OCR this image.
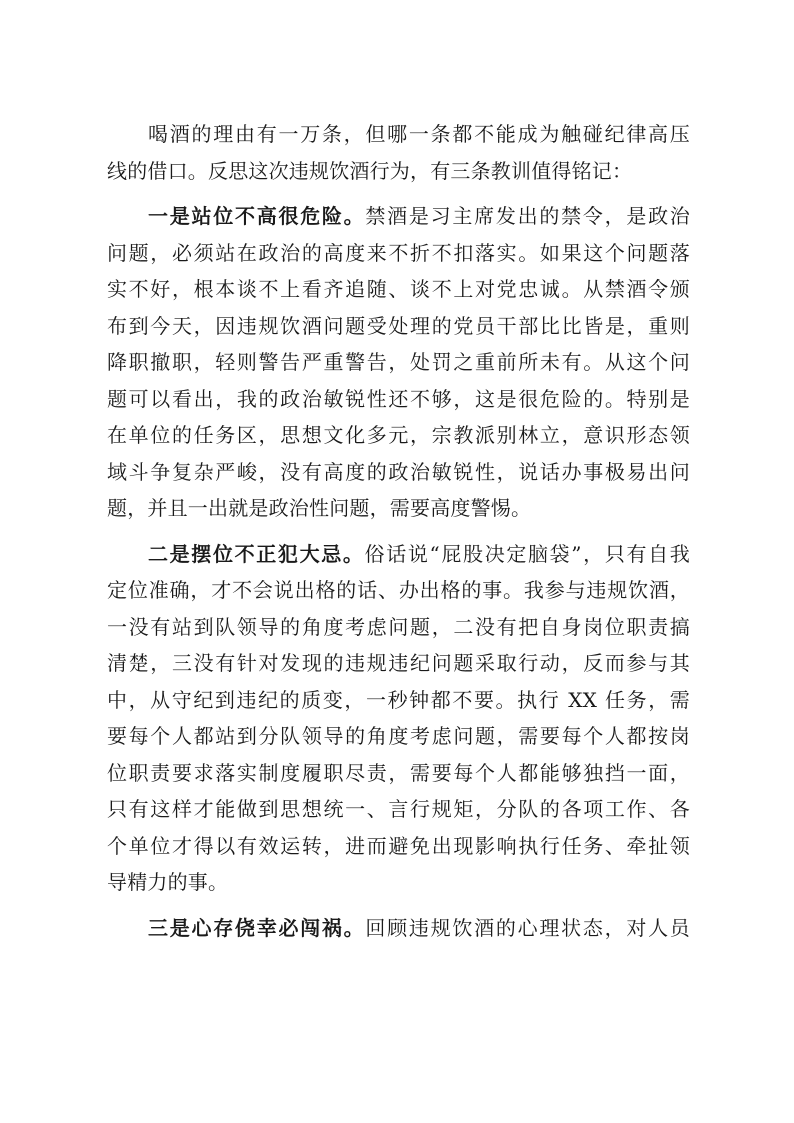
喝酒的理由有一万条，但哪一条都不能成为触碰纪律高压
线的借口。反思这次违规饮酒行为，有三条教训值得铭记：
一是站位不高很危险。禁酒是习主席发出的禁令，是政治
问题，必须站在政治的高度来不折不扣落实。如果这个问题落
实不好，根本谈不上看齐追随、谈不上对党忠诚。从禁酒令颁
布到今天，因违规饮酒问题受处理的党员干部比比皆是，重则
降职撤职，轻则警告严重警告，处罚之重前所未有。从这个问
题可以看出，我的政治敏锐性还不够，这是很危险的。特别是
在单位的任务区，思想文化多元，宗教派别林立，意识形态领
域斗争复杂严峻，没有高度的政治敏锐性，说话办事极易出问
题，并且一出就是政治性问题，需要高度警惕。
二是摆位不正犯大忌。俗话说“屁股决定脑袋”，只有自我
定位准确，才不会说出格的话、办出格的事。我参与违规饮酒，
一没有站到队领导的角度考虑问题，二没有把自身岗位职责搞
清楚，三没有针对发现的违规违纪问题采取行动，反而参与其
中，从守纪到违纪的质变，一秒钟都不要。执行 XX 任务，需
要每个人都站到分队领导的角度考虑问题，需要每个人都按岗
位职责要求落实制度履职尽责，需要每个人都能够独挡一面，
只有这样才能做到思想统一、言行规矩，分队的各项工作、各
个单位才得以有效运转，进而避免出现影响执行任务、牵扯领
导精力的事。
三是心存侥幸必闯祸。回顾违规饮酒的心理状态，对人员
